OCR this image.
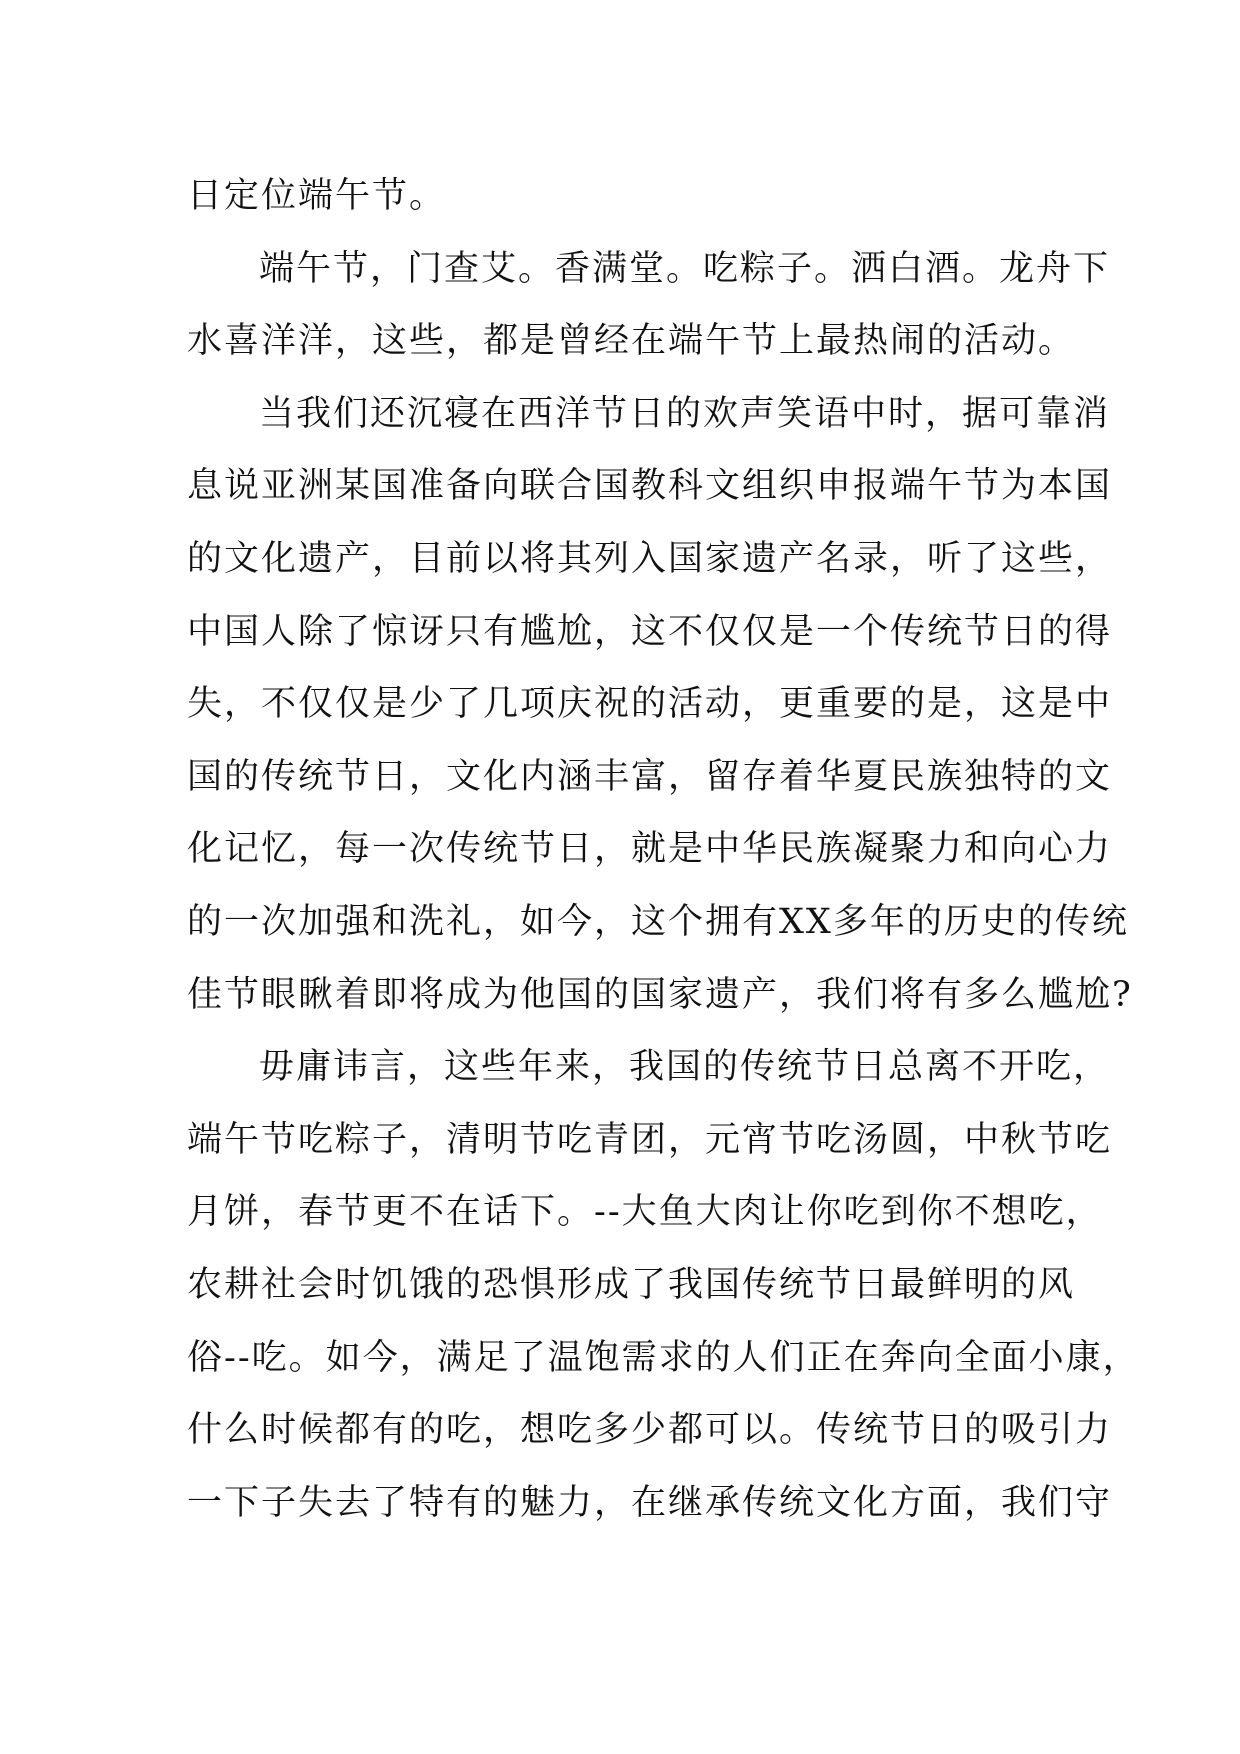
日定位端午节。
端午节，门查艾。香满堂。吃粽子。洒白酒。龙舟下
水喜洋洋，这些，都是曾经在端午节上最热闹的活动。
当我们还沉寝在西洋节日的欢声笑语中时，据可靠消
息说亚洲某国准备向联合国教科文组织申报端午节为本国
的文化遗产，目前以将其列入国家遗产名录，听了这些，
中国人除了惊讶只有尴尬，这不仅仅是一个传统节日的得
失，不仅仅是少了几项庆祝的活动，更重要的是，这是中
国的传统节日，文化内涵丰富，留存着华夏民族独特的文
化记忆，每一次传统节日，就是中华民族凝聚力和向心力
的一次加强和洗礼，如今，这个拥有XX多年的历史的传统
佳节眼瞅着即将成为他国的国家遗产，我们将有多么尴尬?
毋庸讳言，这些年来，我国的传统节日总离不开吃，
端午节吃粽子，清明节吃青团，元宵节吃汤圆，中秋节吃
月饼，春节更不在话下。--大鱼大肉让你吃到你不想吃，
农耕社会时饥饿的恐惧形成了我国传统节日最鲜明的风
俗--吃。如今，满足了温饱需求的人们正在奔向全面小康，
什么时候都有的吃，想吃多少都可以。传统节日的吸引力
一下子失去了特有的魅力，在继承传统文化方面，我们守
